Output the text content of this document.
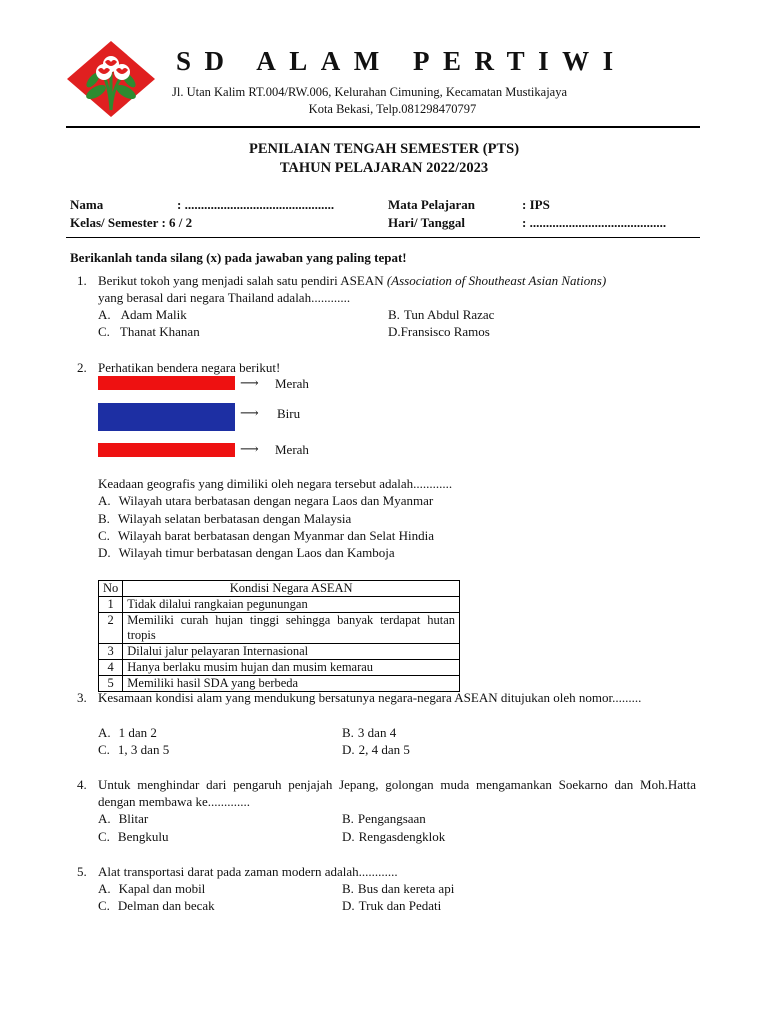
SD ALAM PERTIWI
Jl. Utan Kalim RT.004/RW.006, Kelurahan Cimuning, Kecamatan Mustikajaya
Kota Bekasi, Telp.081298470797
PENILAIAN TENGAH SEMESTER (PTS)
TAHUN PELAJARAN 2022/2023
Nama	: ..............................................
Kelas/ Semester : 6 / 2
Mata Pelajaran	: IPS
Hari/ Tanggal	: ..........................................
Berikanlah tanda silang (x) pada jawaban yang paling tepat!
1. Berikut tokoh yang menjadi salah satu pendiri ASEAN (Association of Shoutheast Asian Nations)
yang berasal dari negara Thailand adalah............
A. Adam Malik	B. Tun Abdul Razac
C. Thanat Khanan	D.Fransisco Ramos
2. Perhatikan bendera negara berikut!
⟶ Merah
⟶ Biru
⟶ Merah
Keadaan geografis yang dimiliki oleh negara tersebut adalah............
A. Wilayah utara berbatasan dengan negara Laos dan Myanmar
B. Wilayah selatan berbatasan dengan Malaysia
C. Wilayah barat berbatasan dengan Myanmar dan Selat Hindia
D. Wilayah timur berbatasan dengan Laos dan Kamboja
No	Kondisi Negara ASEAN
1	Tidak dilalui rangkaian pegunungan
2	Memiliki curah hujan tinggi sehingga banyak terdapat hutan tropis
3	Dilalui jalur pelayaran Internasional
4	Hanya berlaku musim hujan dan musim kemarau
5	Memiliki hasil SDA yang berbeda
3. Kesamaan kondisi alam yang mendukung bersatunya negara-negara ASEAN ditujukan oleh nomor.........
A. 1 dan 2	B. 3 dan 4
C. 1, 3 dan 5	D. 2, 4 dan 5
4. Untuk menghindar dari pengaruh penjajah Jepang, golongan muda mengamankan Soekarno dan Moh.Hatta dengan membawa ke.............
A. Blitar	B. Pengangsaan
C. Bengkulu	D. Rengasdengklok
5. Alat transportasi darat pada zaman modern adalah............
A. Kapal dan mobil	B. Bus dan kereta api
C. Delman dan becak	D. Truk dan Pedati
